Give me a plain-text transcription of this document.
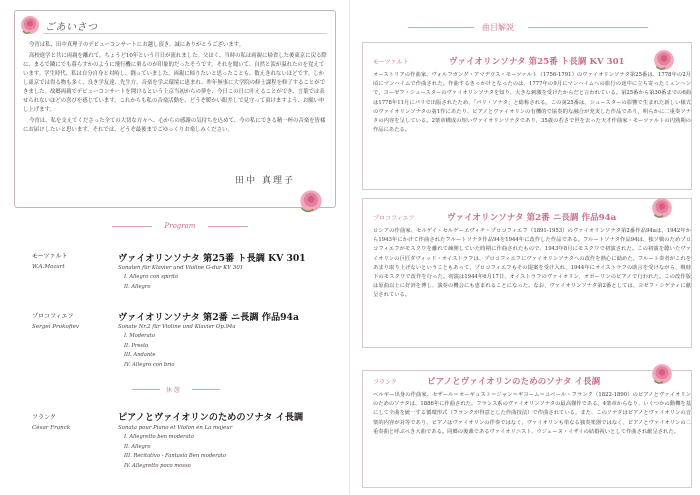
ごあいさつ

今宵は私、田中真理子のデビューコンサートにお越し頂き、誠にありがとうございます。

高校進学と共に両親を離れて、ちょうど10年という月日が流れました。父はく、当時の私は両親に帰省した後東京に戻る際に、まるで隣にでも暮らすかのように飛行機に乗るのが印象的だったそうです。それを聞いて、自然と涙が溢れたのを覚えています。学生時代、私は自分自身と対峙し、闘っていました。両親に帰りたいと思ったことも、数えきれないほどです。しかし東京では得る物も多く、良き学友達、先生方、音楽を学ぶ環境に恵まれ、昨年無事に大学院の修士課程を修了することができました。故郷両親でデビューコンサートを開けるという上京当初からの夢を、今日この日に叶えることができ、言葉では表せられないほどの喜びを感じています。これからも私の音楽活動を、どうぞ暖かい眼差しで見守って頂けますよう、お願い申し上げます。

今宵は、私を支えてくださった全ての大切な方々へ、心からの感謝の気持ちを込めて、今の私にできる精一杯の音楽を皆様にお届けしたいと思います。それでは、どうぞ最後までごゆっくりお楽しみください。

田中 真理子
Program
モーツァルト
W.A.Mozart
ヴァイオリンソナタ 第25番 ト長調 KV 301
Sonaten für Klavier und Violine G-dur KV 301
I. Allegro con spirito
II. Allegro
プロコフィエフ
Sergei Prokofiev
ヴァイオリンソナタ 第2番 ニ長調 作品94a
Sonate Nr.2 für Violine und Klavier Op.94a
I. Moderato
II. Presto
III. Andante
IV. Allegro con brio
休 憩
フランク
César Franck
ピアノとヴァイオリンのためのソナタ イ長調
Sonata pour Piano et Violon en La majeur
I. Allegretto ben moderato
II. Allegro
III. Recitativo - Fantasia Ben moderato
IV. Allegretto poco mosso
曲目解説
モーツァルト	ヴァイオリンソナタ 第25番 ト長調 KV 301
オーストリアの作曲家、ヴォルフガング・アマデウス・モーツァルト（1756-1791）のヴァイオリンソナタ第25番は、1778年の2月頃にマンハイムで作曲された。作曲するきっかけとなったのは、1777年の9月にマンハイムへの旅行の途中に立ち寄ったミュンヘンで、ヨーゼフ・シュースターのヴァイオリンソナタを知り、大きな刺激を受けたからだと言われている。第25番から第30番までの6曲は1778年11月にパリで出版されたため、「パリ・ソナタ」と総称される。この第25番は、シュースターの影響で生まれた新しい様式のヴァイオリンソナタの第1作にあたり、ピアノとヴァイオリンの有機的で協奏的な融合が充実した作品であり、明らかに二重奏ソナタの内容を呈している。2楽章構成の短いヴァイオリンソナタであり、35歳の若さで世を去った天才作曲家・モーツァルトの円熟期の作品にあたる。
プロコフィエフ	ヴァイオリンソナタ 第2番 ニ長調 作品94a
ロシアの作曲家、セルゲイ・セルゲーエヴィチ・プロコフィエフ（1891-1953）のヴァイオリンソナタ第2番作品94aは、1942年から1943年にかけて作曲されたフルートソナタ作品94を1944年に改作した作品である。フルートソナタ作品94は、独ソ戦のためプロコフィエフがモスクワを離れて疎開していた時期に作曲されたもので、1943年8月にモスクワで初演された。この初演を聴いたヴァイオリンの巨匠ダヴィッド・オイストラフは、プロコフィエフにヴァイオリンソナタへの改作を熱心に勧めた。フルート奏者がこれをあまり取り上げないということもあって、プロコフィエフもその提案を受け入れ、1944年にオイストラフの助言を受けながら、戦時下のモスクワで改作を行った。初演は1944年6月17日、オイストラフのヴァイオリン、オボーリンのピアノで行われた。この改作版は原曲以上に好評を博し、演奏の機会にも恵まれることになった。なお、ヴァイオリンソナタ第2番としては、ヨゼフ・シゲティに献呈されている。
フランク	ピアノとヴァイオリンのためのソナタ イ長調
ベルギー出身の作曲家、セザール＝オーギュスト＝ジャン＝ギヨーム＝ユベール・フランク（1822-1890）のピアノとヴァイオリンのためのソナタは、1886年に作曲された。フランス系のヴァイオリンソナタの最高傑作である。4楽章からなり、いくつかの動機を基にして全曲を統一する循環形式（フランクが得意とした作曲技法）で作曲されている。また、このソナタはピアノとヴァイオリンの音楽的内容が対等であり、ピアノはヴァイオリンの伴奏ではなく、ヴァイオリンも単なる独奏楽器ではなく、ピアノとヴァイオリンの二重奏曲と呼ぶべき大曲である。同郷の後輩であるヴァイオリニスト、ウジェーヌ・イザイの結婚祝いとして作曲され献呈された。
